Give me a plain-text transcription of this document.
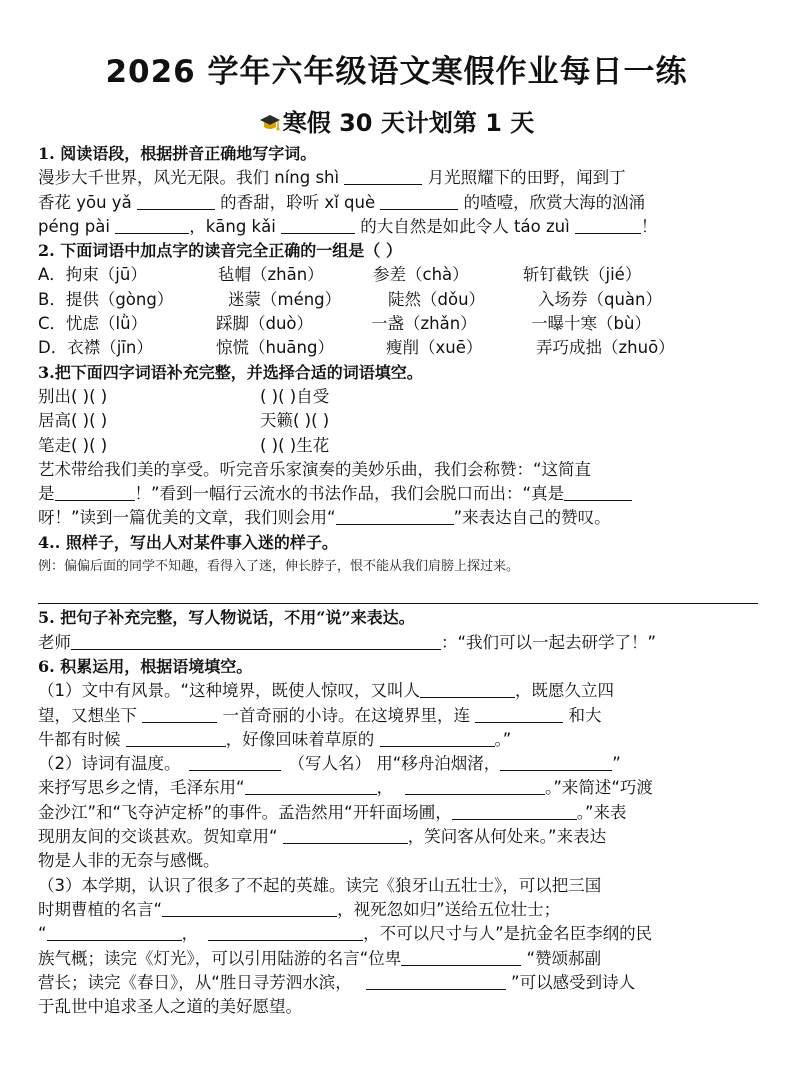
2026 学年六年级语文寒假作业每日一练
寒假 30 天计划第 1 天
1. 阅读语段，根据拼音正确地写字词。
漫步大千世界，风光无限。我们 níng shì	月光照耀下的田野，闻到丁
香花 yōu yǎ	的香甜，聆听 xǐ què	的喳噎，欣赏大海的汹涌
péng pài	，kāng kǎi	的大自然是如此令人 táo zuì	！
2. 下面词语中加点字的读音完全正确的一组是（ ）
A．拘束（jū）	毡帽（zhān）	参差（chà）	斩钉截铁（jié）
B．提供（gòng）	迷蒙（méng）	陡然（dǒu）	入场券（quàn）
C．忧虑（lǜ）	踩脚（duò）	一盏（zhǎn）	一曝十寒（bù）
D．衣襟（jīn）	惊慌（huāng）	瘦削（xuē）	弄巧成拙（zhuō）
3.把下面四字词语补充完整，并选择合适的词语填空。
别出( )( )	( )( )自受
居高( )( )	天籁( )( )
笔走( )( )	( )( )生花
艺术带给我们美的享受。听完音乐家演奏的美妙乐曲，我们会称赞：“这简直
是	！”看到一幅行云流水的书法作品，我们会脱口而出：“真是
呀！”读到一篇优美的文章，我们则会用“	”来表达自己的赞叹。
4.. 照样子，写出人对某件事入迷的样子。
例：偏偏后面的同学不知趣，看得入了迷，伸长脖子，恨不能从我们肩膀上探过来。
5. 把句子补充完整，写人物说话，不用“说”来表达。
老师	：“我们可以一起去研学了！”
6. 积累运用，根据语境填空。
（1）文中有风景。“这种境界，既使人惊叹，又叫人	，既愿久立四
望，又想坐下	一首奇丽的小诗。在这境界里，连	和大
牛都有时候	，好像回味着草原的	。”
（2）诗词有温度。	（写人名） 用“移舟泊烟渚，	”
来抒写思乡之情，毛泽东用“	，	。”来简述“巧渡
金沙江”和“飞夺泸定桥”的事件。孟浩然用“开轩面场圃，	。”来表
现朋友间的交谈甚欢。贺知章用“	，笑问客从何处来。”来表达
物是人非的无奈与感慨。
（3）本学期，认识了很多了不起的英雄。读完《狼牙山五壮士》，可以把三国
时期曹植的名言“	，视死忽如归”送给五位壮士；
“	，	，不可以尺寸与人”是抗金名臣李纲的民
族气概；读完《灯光》，可以引用陆游的名言“位卑	“赞颂郝副
营长；读完《春日》，从“胜日寻芳泗水滨，	”可以感受到诗人
于乱世中追求圣人之道的美好愿望。
